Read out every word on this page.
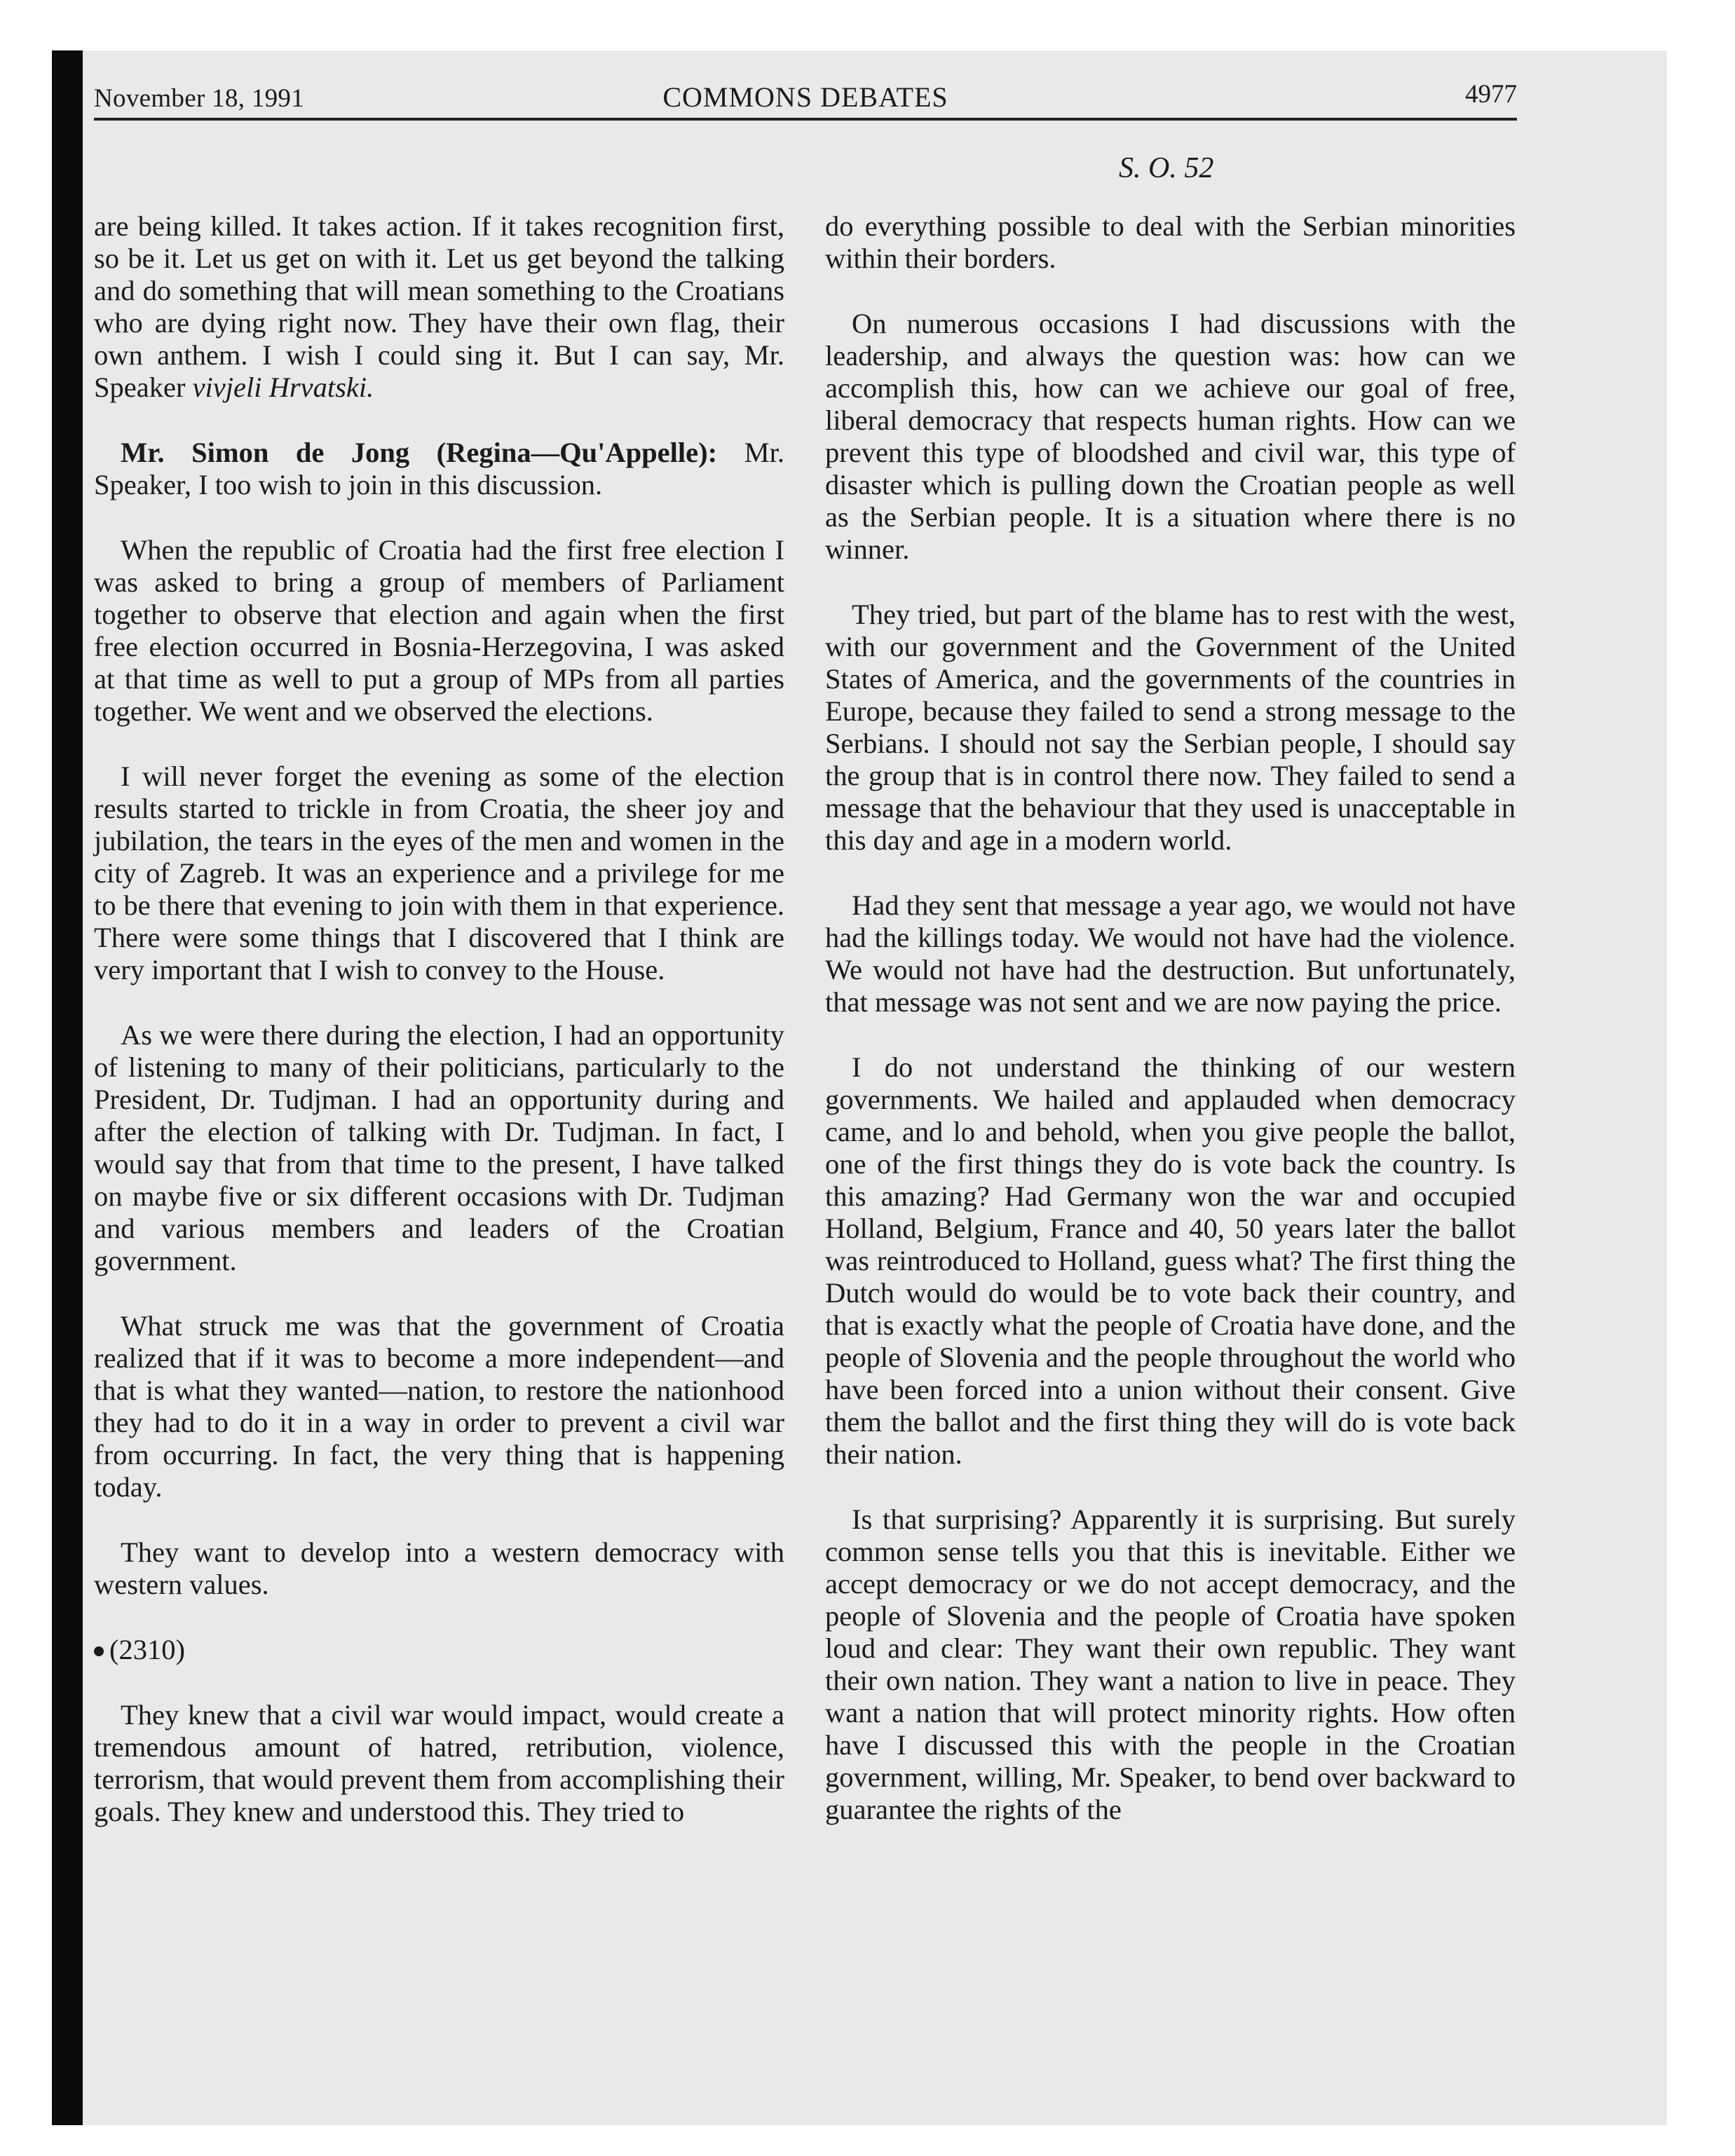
November 18, 1991	COMMONS DEBATES	4977
S. O. 52

are being killed. It takes action. If it takes recognition first, so be it. Let us get on with it. Let us get beyond the talking and do something that will mean something to the Croatians who are dying right now. They have their own flag, their own anthem. I wish I could sing it. But I can say, Mr. Speaker vivjeli Hrvatski.

Mr. Simon de Jong (Regina—Qu'Appelle): Mr. Speaker, I too wish to join in this discussion.

When the republic of Croatia had the first free election I was asked to bring a group of members of Parliament together to observe that election and again when the first free election occurred in Bosnia-Herzegovina, I was asked at that time as well to put a group of MPs from all parties together. We went and we observed the elections.

I will never forget the evening as some of the election results started to trickle in from Croatia, the sheer joy and jubilation, the tears in the eyes of the men and women in the city of Zagreb. It was an experience and a privilege for me to be there that evening to join with them in that experience. There were some things that I discovered that I think are very important that I wish to convey to the House.

As we were there during the election, I had an opportunity of listening to many of their politicians, particularly to the President, Dr. Tudjman. I had an opportunity during and after the election of talking with Dr. Tudjman. In fact, I would say that from that time to the present, I have talked on maybe five or six different occasions with Dr. Tudjman and various members and leaders of the Croatian government.

What struck me was that the government of Croatia realized that if it was to become a more independent—and that is what they wanted—nation, to restore the nationhood they had to do it in a way in order to prevent a civil war from occurring. In fact, the very thing that is happening today.

They want to develop into a western democracy with western values.

(2310)

They knew that a civil war would impact, would create a tremendous amount of hatred, retribution, violence, terrorism, that would prevent them from accomplishing their goals. They knew and understood this. They tried to

do everything possible to deal with the Serbian minorities within their borders.

On numerous occasions I had discussions with the leadership, and always the question was: how can we accomplish this, how can we achieve our goal of free, liberal democracy that respects human rights. How can we prevent this type of bloodshed and civil war, this type of disaster which is pulling down the Croatian people as well as the Serbian people. It is a situation where there is no winner.

They tried, but part of the blame has to rest with the west, with our government and the Government of the United States of America, and the governments of the countries in Europe, because they failed to send a strong message to the Serbians. I should not say the Serbian people, I should say the group that is in control there now. They failed to send a message that the behaviour that they used is unacceptable in this day and age in a modern world.

Had they sent that message a year ago, we would not have had the killings today. We would not have had the violence. We would not have had the destruction. But unfortunately, that message was not sent and we are now paying the price.

I do not understand the thinking of our western governments. We hailed and applauded when democracy came, and lo and behold, when you give people the ballot, one of the first things they do is vote back the country. Is this amazing? Had Germany won the war and occupied Holland, Belgium, France and 40, 50 years later the ballot was reintroduced to Holland, guess what? The first thing the Dutch would do would be to vote back their country, and that is exactly what the people of Croatia have done, and the people of Slovenia and the people throughout the world who have been forced into a union without their consent. Give them the ballot and the first thing they will do is vote back their nation.

Is that surprising? Apparently it is surprising. But surely common sense tells you that this is inevitable. Either we accept democracy or we do not accept democracy, and the people of Slovenia and the people of Croatia have spoken loud and clear: They want their own republic. They want their own nation. They want a nation to live in peace. They want a nation that will protect minority rights. How often have I discussed this with the people in the Croatian government, willing, Mr. Speaker, to bend over backward to guarantee the rights of the
